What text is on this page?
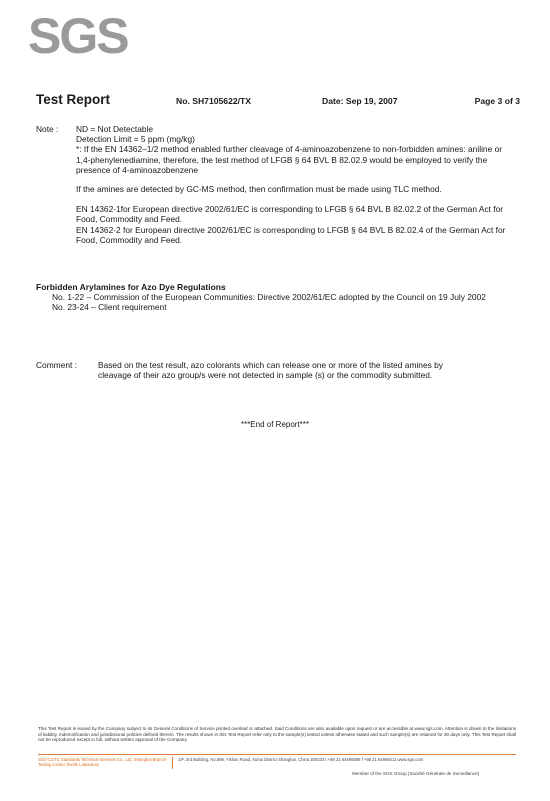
SGS
Test Report	No. SH7105622/TX	Date: Sep 19, 2007	Page 3 of 3
Note : ND = Not Detectable
Detection Limit = 5 ppm (mg/kg)
*: If the EN 14362–1/2 method enabled further cleavage of 4-aminoazobenzene to non-forbidden amines: aniline or 1,4-phenylenediamine, therefore, the test method of LFGB § 64 BVL B 82.02.9 would be employed to verify the presence of 4-aminoazobenzene

If the amines are detected by GC-MS method, then confirmation must be made using TLC method.

EN 14362-1for European directive 2002/61/EC is corresponding to LFGB § 64 BVL B 82.02.2 of the German Act for Food, Commodity and Feed.
EN 14362-2 for European directive 2002/61/EC is corresponding to LFGB § 64 BVL B 82.02.4 of the German Act for Food, Commodity and Feed.

Forbidden Arylamines for Azo Dye Regulations
No. 1-22 – Commission of the European Communities: Directive 2002/61/EC adopted by the Council on 19 July 2002
No. 23-24 – Client requirement
Comment :	Based on the test result, azo colorants which can release one or more of the listed amines by cleavage of their azo group/s were not detected in sample (s) or the commodity submitted.
***End of Report***
This Test Report is issued by the Company subject to its General Conditions of Service printed overleaf or attached. Said Conditions are also available upon request or are accessible at www.sgs.com. Attention is drawn to the limitations of liability, indemnification and jurisdictional policies defined therein. The results shown in this Test Report refer only to the sample(s) tested unless otherwise stated and such sample(s) are retained for 30 days only. This Test Report shall not be reproduced except in full, without written approval of the Company.
SGS-CSTC Standards Technical Services Co., Ltd. Shanghai Branch Testing Center Textile Laboratory
1/F, 3rd Building, No.889, Yishan Road, Xuhui District Shanghai, China 200233 t +86 21 64495888 f +86 21 64956011 www.sgs.com
Member of the SGS Group (Société Générale de Surveillance)
